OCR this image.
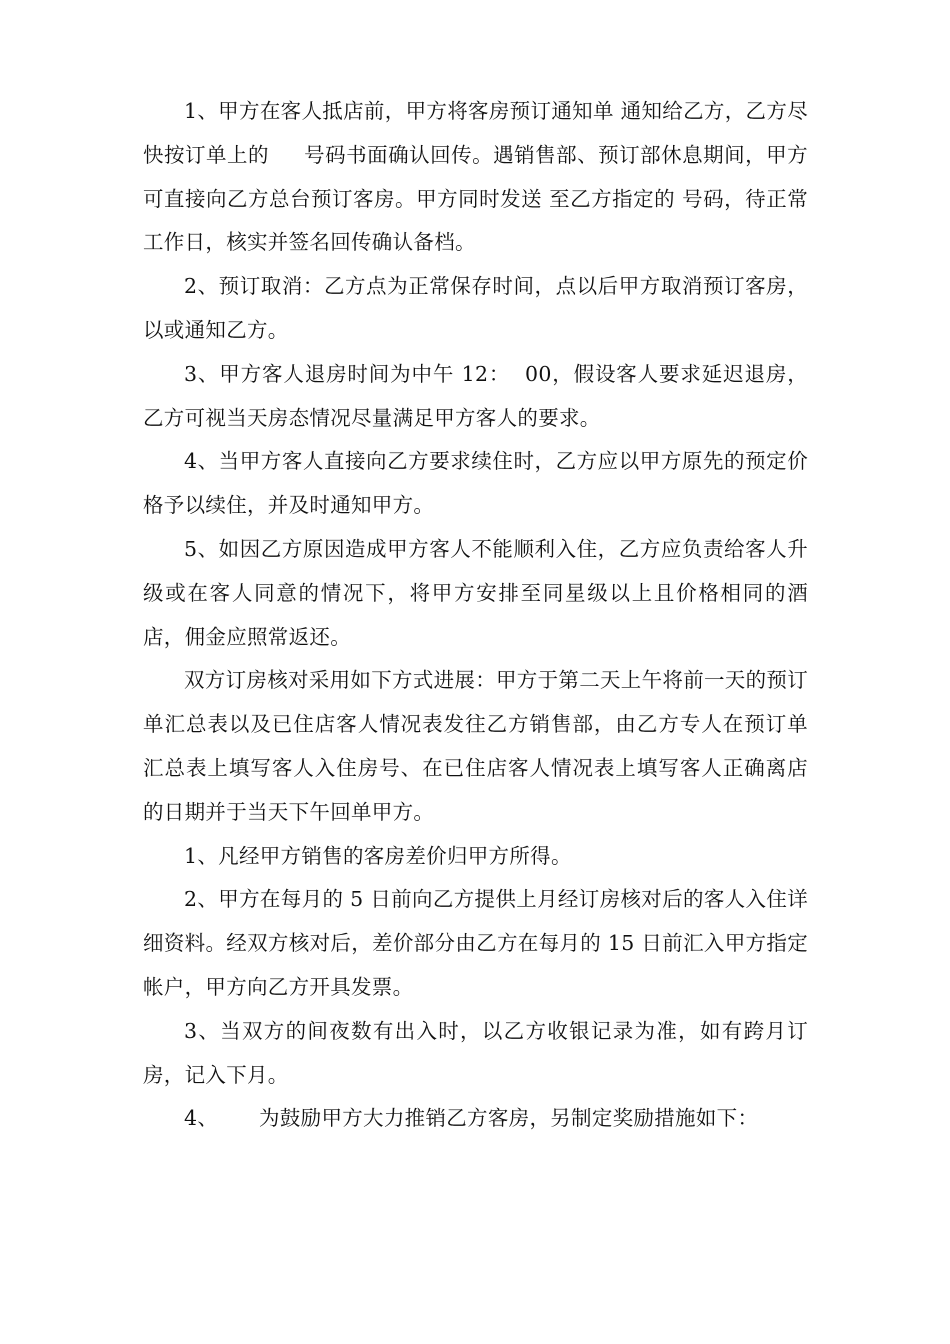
1、甲方在客人抵店前，甲方将客房预订通知单 通知给乙方，乙方尽快按订单上的     号码书面确认回传。遇销售部、预订部休息期间，甲方可直接向乙方总台预订客房。甲方同时发送 至乙方指定的 号码，待正常工作日，核实并签名回传确认备档。

2、预订取消：乙方点为正常保存时间，点以后甲方取消预订客房，以或通知乙方。

3、甲方客人退房时间为中午 12：  00，假设客人要求延迟退房，乙方可视当天房态情况尽量满足甲方客人的要求。

4、当甲方客人直接向乙方要求续住时，乙方应以甲方原先的预定价格予以续住，并及时通知甲方。

5、如因乙方原因造成甲方客人不能顺利入住，乙方应负责给客人升级或在客人同意的情况下，将甲方安排至同星级以上且价格相同的酒店，佣金应照常返还。

双方订房核对采用如下方式进展：甲方于第二天上午将前一天的预订单汇总表以及已住店客人情况表发往乙方销售部，由乙方专人在预订单汇总表上填写客人入住房号、在已住店客人情况表上填写客人正确离店的日期并于当天下午回单甲方。

1、凡经甲方销售的客房差价归甲方所得。

2、甲方在每月的 5 日前向乙方提供上月经订房核对后的客人入住详细资料。经双方核对后，差价部分由乙方在每月的 15 日前汇入甲方指定帐户，甲方向乙方开具发票。

3、当双方的间夜数有出入时，以乙方收银记录为准，如有跨月订房，记入下月。

4、      为鼓励甲方大力推销乙方客房，另制定奖励措施如下：
